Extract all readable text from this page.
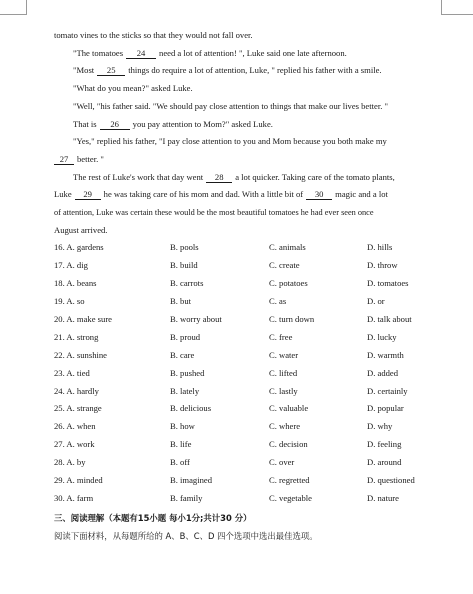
tomato vines to the sticks so that they would not fall over.
"The tomatoes 24 need a lot of attention! ", Luke said one late afternoon.
"Most 25 things do require a lot of attention, Luke, " replied his father with a smile.
"What do you mean?" asked Luke.
"Well, "his father said. "We should pay close attention to things that make our lives better. "
That is 26 you pay attention to Mom?" asked Luke.
"Yes," replied his father, "I pay close attention to you and Mom because you both make my
27 better. "
The rest of Luke's work that day went 28 a lot quicker. Taking care of the tomato plants,
Luke 29 he was taking care of his mom and dad. With a little bit of 30 magic and a lot
of attention, Luke was certain these would be the most beautiful tomatoes he had ever seen once
August arrived.
16. A. gardens	B. pools	C. animals	D. hills
17. A. dig	B. build	C. create	D. throw
18. A. beans	B. carrots	C. potatoes	D. tomatoes
19. A. so	B. but	C. as	D. or
20. A. make sure	B. worry about	C. turn down	D. talk about
21. A. strong	B. proud	C. free	D. lucky
22. A. sunshine	B. care	C. water	D. warmth
23. A. tied	B. pushed	C. lifted	D. added
24. A. hardly	B. lately	C. lastly	D. certainly
25. A. strange	B. delicious	C. valuable	D. popular
26. A. when	B. how	C. where	D. why
27. A. work	B. life	C. decision	D. feeling
28. A. by	B. off	C. over	D. around
29. A. minded	B. imagined	C. regretted	D. questioned
30. A. farm	B. family	C. vegetable	D. nature
三、阅读理解（本题有15小题 每小1分;共计30 分）
阅读下面材料，从每题所给的 A、B、C、D 四个选项中选出最佳选项。
